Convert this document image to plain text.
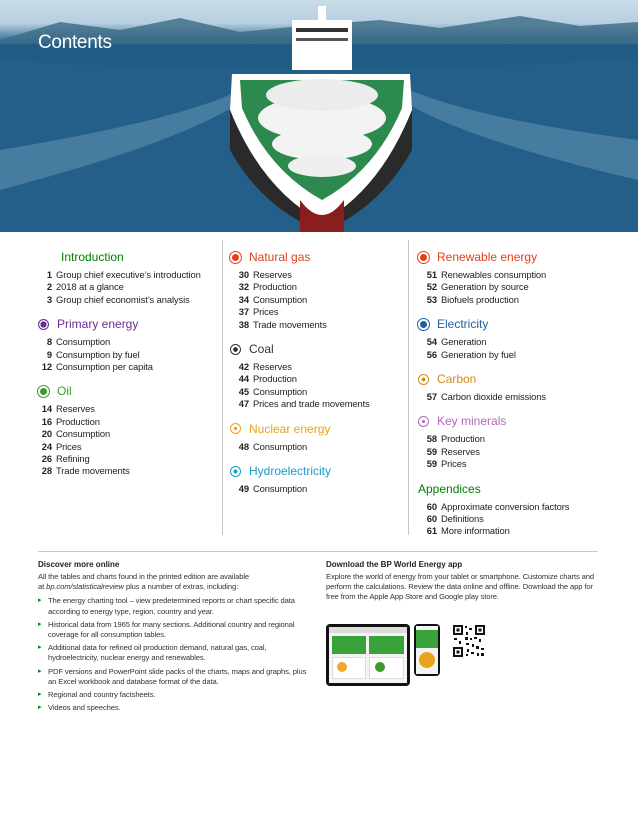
Contents
Introduction
1 Group chief executive’s introduction
2 2018 at a glance
3 Group chief economist’s analysis
Primary energy
8 Consumption
9 Consumption by fuel
12 Consumption per capita
Oil
14 Reserves
16 Production
20 Consumption
24 Prices
26 Refining
28 Trade movements
Natural gas
30 Reserves
32 Production
34 Consumption
37 Prices
38 Trade movements
Coal
42 Reserves
44 Production
45 Consumption
47 Prices and trade movements
Nuclear energy
48 Consumption
Hydroelectricity
49 Consumption
Renewable energy
51 Renewables consumption
52 Generation by source
53 Biofuels production
Electricity
54 Generation
56 Generation by fuel
Carbon
57 Carbon dioxide emissions
Key minerals
58 Production
59 Reserves
59 Prices
Appendices
60 Approximate conversion factors
60 Definitions
61 More information
Discover more online
All the tables and charts found in the printed edition are available
at bp.com/statisticalreview plus a number of extras, including:
▸ The energy charting tool – view predetermined reports or chart specific data according to energy type, region, country and year.
▸ Historical data from 1965 for many sections. Additional country and regional coverage for all consumption tables.
▸ Additional data for refined oil production demand, natural gas, coal, hydroelectricity, nuclear energy and renewables.
▸ PDF versions and PowerPoint slide packs of the charts, maps and graphs, plus an Excel workbook and database format of the data.
▸ Regional and country factsheets.
▸ Videos and speeches.
Download the BP World Energy app
Explore the world of energy from your tablet or smartphone. Customize charts and perform the calculations. Review the data online and offline. Download the app for free from the Apple App Store and Google play store.
